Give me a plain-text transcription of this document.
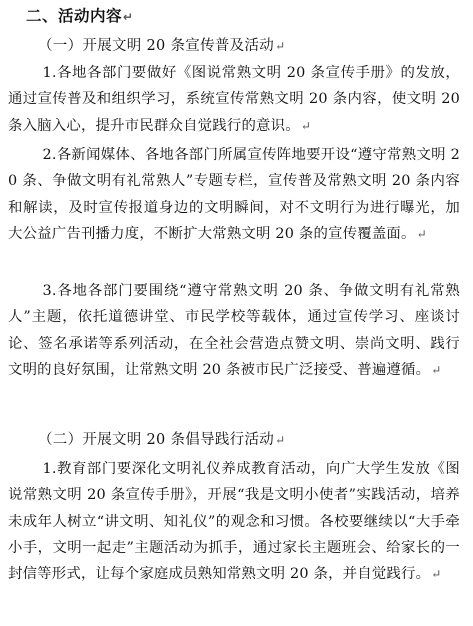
二、活动内容↵
（一）开展文明 20 条宣传普及活动↵
1.各地各部门要做好《图说常熟文明 20 条宣传手册》的发放，通过宣传普及和组织学习，系统宣传常熟文明 20 条内容，使文明 20 条入脑入心，提升市民群众自觉践行的意识。↵
2.各新闻媒体、各地各部门所属宣传阵地要开设“遵守常熟文明 20 条、争做文明有礼常熟人”专题专栏，宣传普及常熟文明 20 条内容和解读，及时宣传报道身边的文明瞬间，对不文明行为进行曝光，加大公益广告刊播力度，不断扩大常熟文明 20 条的宣传覆盖面。↵
3.各地各部门要围绕“遵守常熟文明 20 条、争做文明有礼常熟人”主题，依托道德讲堂、市民学校等载体，通过宣传学习、座谈讨论、签名承诺等系列活动，在全社会营造点赞文明、崇尚文明、践行文明的良好氛围，让常熟文明 20 条被市民广泛接受、普遍遵循。↵
（二）开展文明 20 条倡导践行活动↵
1.教育部门要深化文明礼仪养成教育活动，向广大学生发放《图说常熟文明 20 条宣传手册》，开展“我是文明小使者”实践活动，培养未成年人树立“讲文明、知礼仪”的观念和习惯。各校要继续以“大手牵小手，文明一起走”主题活动为抓手，通过家长主题班会、给家长的一封信等形式，让每个家庭成员熟知常熟文明 20 条，并自觉践行。↵
